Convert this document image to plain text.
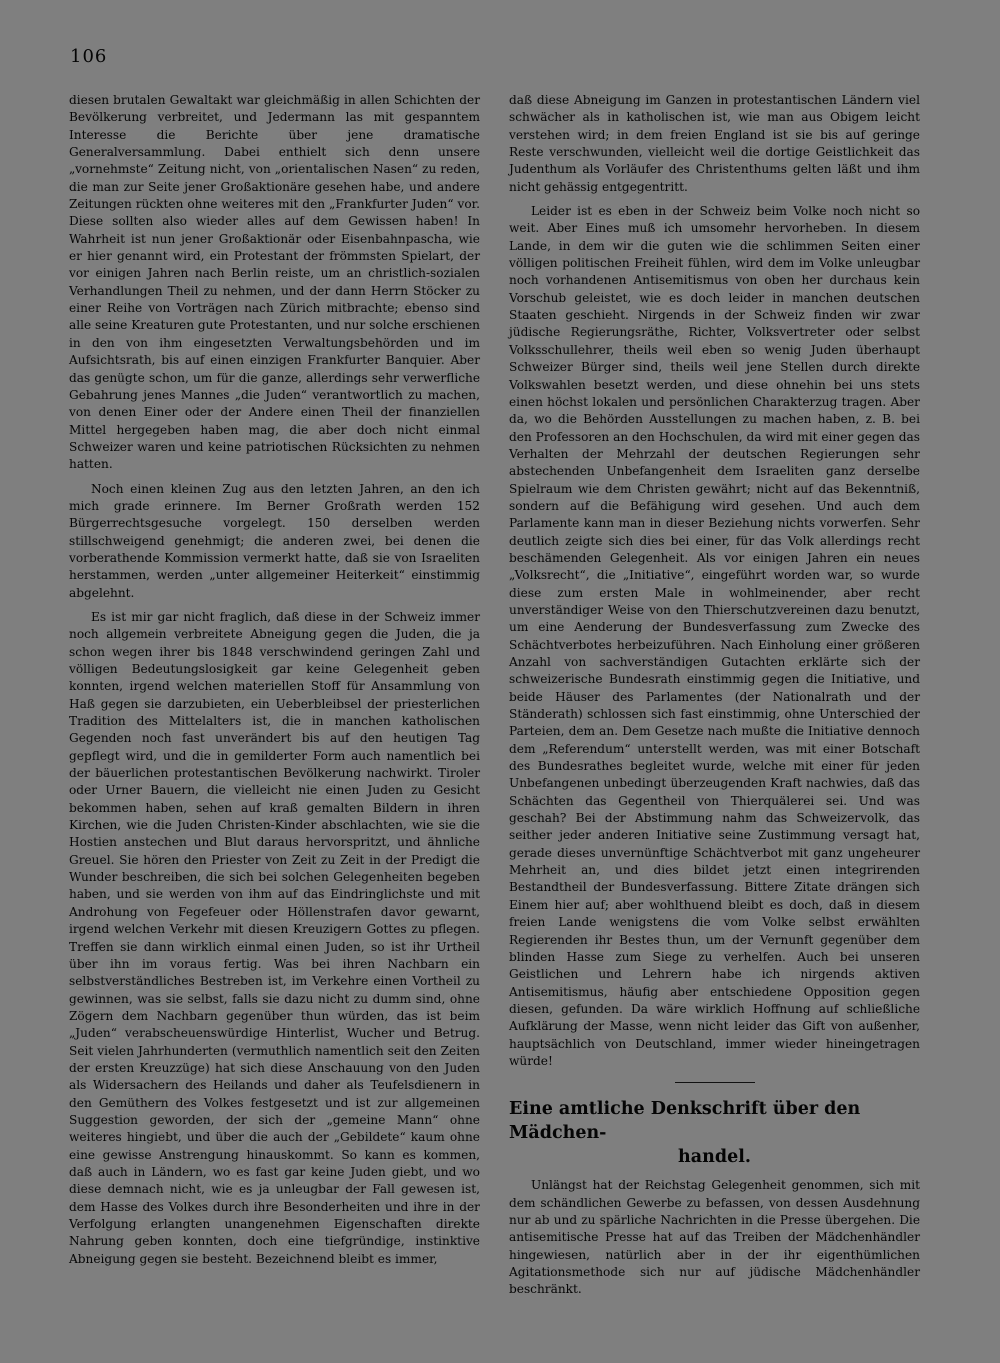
106

diesen brutalen Gewaltakt war gleichmäßig in allen Schichten der Bevölkerung verbreitet, und Jedermann las mit gespanntem Interesse die Berichte über jene dramatische Generalversammlung. Dabei enthielt sich denn unsere „vornehmste“ Zeitung nicht, von „orientalischen Nasen“ zu reden, die man zur Seite jener Großaktionäre gesehen habe, und andere Zeitungen rückten ohne weiteres mit den „Frankfurter Juden“ vor. Diese sollten also wieder alles auf dem Gewissen haben! In Wahrheit ist nun jener Großaktionär oder Eisenbahnpascha, wie er hier genannt wird, ein Protestant der frömmsten Spielart, der vor einigen Jahren nach Berlin reiste, um an christlich-sozialen Verhandlungen Theil zu nehmen, und der dann Herrn Stöcker zu einer Reihe von Vorträgen nach Zürich mitbrachte; ebenso sind alle seine Kreaturen gute Protestanten, und nur solche erschienen in den von ihm eingesetzten Verwaltungsbehörden und im Aufsichtsrath, bis auf einen einzigen Frankfurter Banquier. Aber das genügte schon, um für die ganze, allerdings sehr verwerfliche Gebahrung jenes Mannes „die Juden“ verantwortlich zu machen, von denen Einer oder der Andere einen Theil der finanziellen Mittel hergegeben haben mag, die aber doch nicht einmal Schweizer waren und keine patriotischen Rücksichten zu nehmen hatten.

Noch einen kleinen Zug aus den letzten Jahren, an den ich mich grade erinnere. Im Berner Großrath werden 152 Bürgerrechtsgesuche vorgelegt. 150 derselben werden stillschweigend genehmigt; die anderen zwei, bei denen die vorberathende Kommission vermerkt hatte, daß sie von Israeliten herstammen, werden „unter allgemeiner Heiterkeit“ einstimmig abgelehnt.

Es ist mir gar nicht fraglich, daß diese in der Schweiz immer noch allgemein verbreitete Abneigung gegen die Juden, die ja schon wegen ihrer bis 1848 verschwindend geringen Zahl und völligen Bedeutungslosigkeit gar keine Gelegenheit geben konnten, irgend welchen materiellen Stoff für Ansammlung von Haß gegen sie darzubieten, ein Ueberbleibsel der priesterlichen Tradition des Mittelalters ist, die in manchen katholischen Gegenden noch fast unverändert bis auf den heutigen Tag gepflegt wird, und die in gemilderter Form auch namentlich bei der bäuerlichen protestantischen Bevölkerung nachwirkt. Tiroler oder Urner Bauern, die vielleicht nie einen Juden zu Gesicht bekommen haben, sehen auf kraß gemalten Bildern in ihren Kirchen, wie die Juden Christen-Kinder abschlachten, wie sie die Hostien anstechen und Blut daraus hervorspritzt, und ähnliche Greuel. Sie hören den Priester von Zeit zu Zeit in der Predigt die Wunder beschreiben, die sich bei solchen Gelegenheiten begeben haben, und sie werden von ihm auf das Eindringlichste und mit Androhung von Fegefeuer oder Höllenstrafen davor gewarnt, irgend welchen Verkehr mit diesen Kreuzigern Gottes zu pflegen. Treffen sie dann wirklich einmal einen Juden, so ist ihr Urtheil über ihn im voraus fertig. Was bei ihren Nachbarn ein selbstverständliches Bestreben ist, im Verkehre einen Vortheil zu gewinnen, was sie selbst, falls sie dazu nicht zu dumm sind, ohne Zögern dem Nachbarn gegenüber thun würden, das ist beim „Juden“ verabscheuenswürdige Hinterlist, Wucher und Betrug. Seit vielen Jahrhunderten (vermuthlich namentlich seit den Zeiten der ersten Kreuzzüge) hat sich diese Anschauung von den Juden als Widersachern des Heilands und daher als Teufelsdienern in den Gemüthern des Volkes festgesetzt und ist zur allgemeinen Suggestion geworden, der sich der „gemeine Mann“ ohne weiteres hingiebt, und über die auch der „Gebildete“ kaum ohne eine gewisse Anstrengung hinauskommt. So kann es kommen, daß auch in Ländern, wo es fast gar keine Juden giebt, und wo diese demnach nicht, wie es ja unleugbar der Fall gewesen ist, dem Hasse des Volkes durch ihre Besonderheiten und ihre in der Verfolgung erlangten unangenehmen Eigenschaften direkte Nahrung geben konnten, doch eine tiefgründige, instinktive Abneigung gegen sie besteht. Bezeichnend bleibt es immer,

daß diese Abneigung im Ganzen in protestantischen Ländern viel schwächer als in katholischen ist, wie man aus Obigem leicht verstehen wird; in dem freien England ist sie bis auf geringe Reste verschwunden, vielleicht weil die dortige Geistlichkeit das Judenthum als Vorläufer des Christenthums gelten läßt und ihm nicht gehässig entgegentritt.

Leider ist es eben in der Schweiz beim Volke noch nicht so weit. Aber Eines muß ich umsomehr hervorheben. In diesem Lande, in dem wir die guten wie die schlimmen Seiten einer völligen politischen Freiheit fühlen, wird dem im Volke unleugbar noch vorhandenen Antisemitismus von oben her durchaus kein Vorschub geleistet, wie es doch leider in manchen deutschen Staaten geschieht. Nirgends in der Schweiz finden wir zwar jüdische Regierungsräthe, Richter, Volksvertreter oder selbst Volksschullehrer, theils weil eben so wenig Juden überhaupt Schweizer Bürger sind, theils weil jene Stellen durch direkte Volkswahlen besetzt werden, und diese ohnehin bei uns stets einen höchst lokalen und persönlichen Charakterzug tragen. Aber da, wo die Behörden Ausstellungen zu machen haben, z. B. bei den Professoren an den Hochschulen, da wird mit einer gegen das Verhalten der Mehrzahl der deutschen Regierungen sehr abstechenden Unbefangenheit dem Israeliten ganz derselbe Spielraum wie dem Christen gewährt; nicht auf das Bekenntniß, sondern auf die Befähigung wird gesehen. Und auch dem Parlamente kann man in dieser Beziehung nichts vorwerfen. Sehr deutlich zeigte sich dies bei einer, für das Volk allerdings recht beschämenden Gelegenheit. Als vor einigen Jahren ein neues „Volksrecht“, die „Initiative“, eingeführt worden war, so wurde diese zum ersten Male in wohlmeinender, aber recht unverständiger Weise von den Thierschutzvereinen dazu benutzt, um eine Aenderung der Bundesverfassung zum Zwecke des Schächtverbotes herbeizuführen. Nach Einholung einer größeren Anzahl von sachverständigen Gutachten erklärte sich der schweizerische Bundesrath einstimmig gegen die Initiative, und beide Häuser des Parlamentes (der Nationalrath und der Ständerath) schlossen sich fast einstimmig, ohne Unterschied der Parteien, dem an. Dem Gesetze nach mußte die Initiative dennoch dem „Referendum“ unterstellt werden, was mit einer Botschaft des Bundesrathes begleitet wurde, welche mit einer für jeden Unbefangenen unbedingt überzeugenden Kraft nachwies, daß das Schächten das Gegentheil von Thierquälerei sei. Und was geschah? Bei der Abstimmung nahm das Schweizervolk, das seither jeder anderen Initiative seine Zustimmung versagt hat, gerade dieses unvernünftige Schächtverbot mit ganz ungeheurer Mehrheit an, und dies bildet jetzt einen integrirenden Bestandtheil der Bundesverfassung. Bittere Zitate drängen sich Einem hier auf; aber wohlthuend bleibt es doch, daß in diesem freien Lande wenigstens die vom Volke selbst erwählten Regierenden ihr Bestes thun, um der Vernunft gegenüber dem blinden Hasse zum Siege zu verhelfen. Auch bei unseren Geistlichen und Lehrern habe ich nirgends aktiven Antisemitismus, häufig aber entschiedene Opposition gegen diesen, gefunden. Da wäre wirklich Hoffnung auf schließliche Aufklärung der Masse, wenn nicht leider das Gift von außenher, hauptsächlich von Deutschland, immer wieder hineingetragen würde!

Eine amtliche Denkschrift über den Mädchen-
handel.

Unlängst hat der Reichstag Gelegenheit genommen, sich mit dem schändlichen Gewerbe zu befassen, von dessen Ausdehnung nur ab und zu spärliche Nachrichten in die Presse übergehen. Die antisemitische Presse hat auf das Treiben der Mädchenhändler hingewiesen, natürlich aber in der ihr eigenthümlichen Agitationsmethode sich nur auf jüdische Mädchenhändler beschränkt.
